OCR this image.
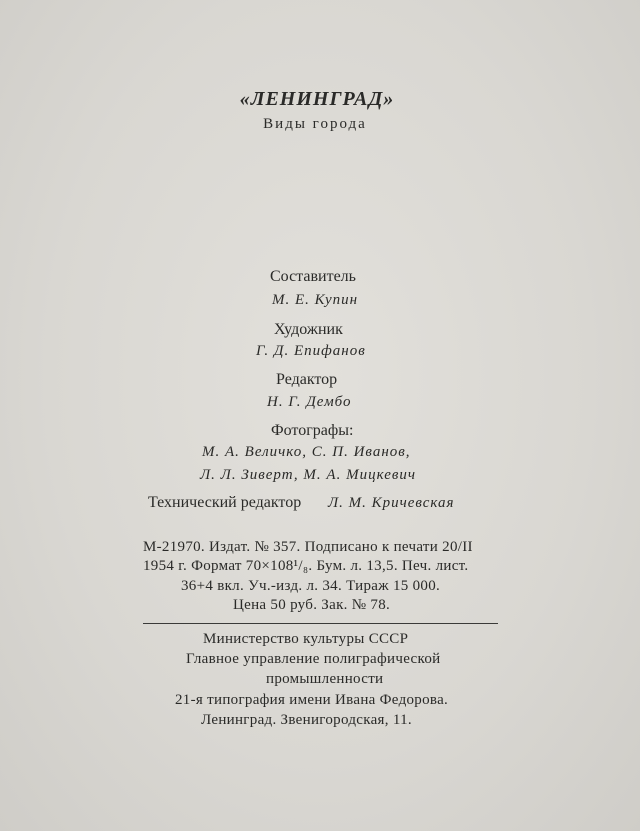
«ЛЕНИНГРАД»
Виды города
Составитель
М. Е. Купин
Художник
Г. Д. Епифанов
Редактор
Н. Г. Дембо
Фотографы:
М. А. Величко, С. П. Иванов,
Л. Л. Зиверт, М. А. Мицкевич
Технический редактор Л. М. Кричевская
М-21970. Издат. № 357. Подписано к печати 20/II
1954 г. Формат 70×108¹/₈. Бум. л. 13,5. Печ. лист.
36+4 вкл. Уч.-изд. л. 34. Тираж 15 000.
Цена 50 руб. Зак. № 78.
Министерство культуры СССР
Главное управление полиграфической
промышленности
21-я типография имени Ивана Федорова.
Ленинград. Звенигородская, 11.
